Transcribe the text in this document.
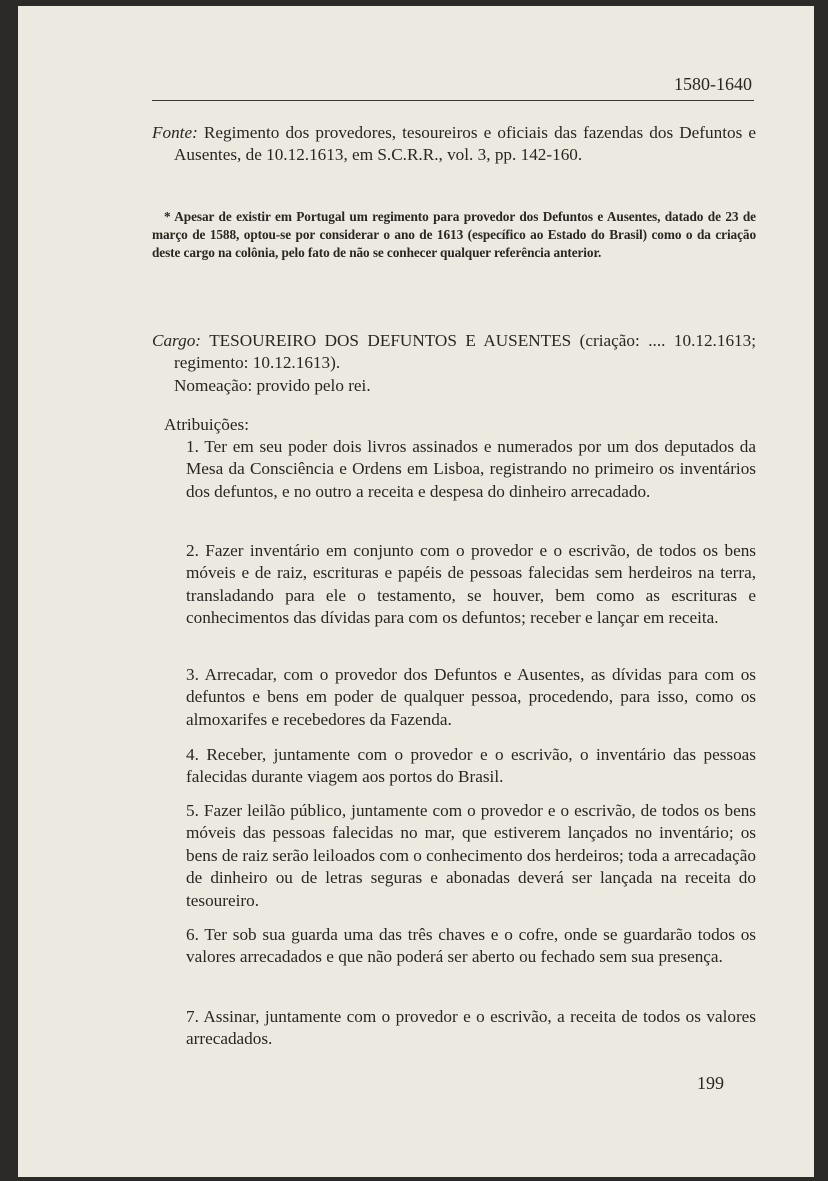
1580-1640

Fonte: Regimento dos provedores, tesoureiros e oficiais das fazendas dos Defuntos e Ausentes, de 10.12.1613, em S.C.R.R., vol. 3, pp. 142-160.

* Apesar de existir em Portugal um regimento para provedor dos Defuntos e Ausentes, datado de 23 de março de 1588, optou-se por considerar o ano de 1613 (específico ao Estado do Brasil) como o da criação deste cargo na colônia, pelo fato de não se conhecer qualquer referência anterior.

Cargo: TESOUREIRO DOS DEFUNTOS E AUSENTES (criação: .... 10.12.1613; regimento: 10.12.1613).

Nomeação: provido pelo rei.

Atribuições:

1. Ter em seu poder dois livros assinados e numerados por um dos deputados da Mesa da Consciência e Ordens em Lisboa, registrando no primeiro os inventários dos defuntos, e no outro a receita e despesa do dinheiro arrecadado.

2. Fazer inventário em conjunto com o provedor e o escrivão, de todos os bens móveis e de raiz, escrituras e papéis de pessoas falecidas sem herdeiros na terra, transladando para ele o testamento, se houver, bem como as escrituras e conhecimentos das dívidas para com os defuntos; receber e lançar em receita.

3. Arrecadar, com o provedor dos Defuntos e Ausentes, as dívidas para com os defuntos e bens em poder de qualquer pessoa, procedendo, para isso, como os almoxarifes e recebedores da Fazenda.

4. Receber, juntamente com o provedor e o escrivão, o inventário das pessoas falecidas durante viagem aos portos do Brasil.

5. Fazer leilão público, juntamente com o provedor e o escrivão, de todos os bens móveis das pessoas falecidas no mar, que estiverem lançados no inventário; os bens de raiz serão leiloados com o conhecimento dos herdeiros; toda a arrecadação de dinheiro ou de letras seguras e abonadas deverá ser lançada na receita do tesoureiro.

6. Ter sob sua guarda uma das três chaves e o cofre, onde se guardarão todos os valores arrecadados e que não poderá ser aberto ou fechado sem sua presença.

7. Assinar, juntamente com o provedor e o escrivão, a receita de todos os valores arrecadados.

199
